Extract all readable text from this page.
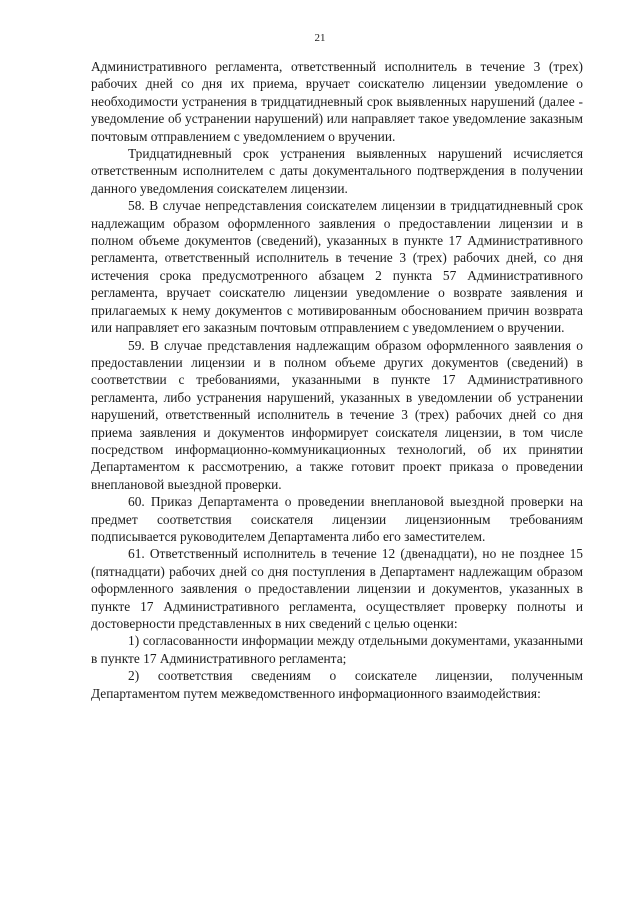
21

Административного регламента, ответственный исполнитель в течение 3 (трех) рабочих дней со дня их приема, вручает соискателю лицензии уведомление о необходимости устранения в тридцатидневный срок выявленных нарушений (далее - уведомление об устранении нарушений) или направляет такое уведомление заказным почтовым отправлением с уведомлением о вручении.

Тридцатидневный срок устранения выявленных нарушений исчисляется ответственным исполнителем с даты документального подтверждения в получении данного уведомления соискателем лицензии.

58. В случае непредставления соискателем лицензии в тридцатидневный срок надлежащим образом оформленного заявления о предоставлении лицензии и в полном объеме документов (сведений), указанных в пункте 17 Административного регламента, ответственный исполнитель в течение 3 (трех) рабочих дней, со дня истечения срока предусмотренного абзацем 2 пункта 57 Административного регламента, вручает соискателю лицензии уведомление о возврате заявления и прилагаемых к нему документов с мотивированным обоснованием причин возврата или направляет его заказным почтовым отправлением с уведомлением о вручении.

59. В случае представления надлежащим образом оформленного заявления о предоставлении лицензии и в полном объеме других документов (сведений) в соответствии с требованиями, указанными в пункте 17 Административного регламента, либо устранения нарушений, указанных в уведомлении об устранении нарушений, ответственный исполнитель в течение 3 (трех) рабочих дней со дня приема заявления и документов информирует соискателя лицензии, в том числе посредством информационно-коммуникационных технологий, об их принятии Департаментом к рассмотрению, а также готовит проект приказа о проведении внеплановой выездной проверки.

60. Приказ Департамента о проведении внеплановой выездной проверки на предмет соответствия соискателя лицензии лицензионным требованиям подписывается руководителем Департамента либо его заместителем.

61. Ответственный исполнитель в течение 12 (двенадцати), но не позднее 15 (пятнадцати) рабочих дней со дня поступления в Департамент надлежащим образом оформленного заявления о предоставлении лицензии и документов, указанных в пункте 17 Административного регламента, осуществляет проверку полноты и достоверности представленных в них сведений с целью оценки:

1) согласованности информации между отдельными документами, указанными в пункте 17 Административного регламента;

2) соответствия сведениям о соискателе лицензии, полученным Департаментом путем межведомственного информационного взаимодействия:
